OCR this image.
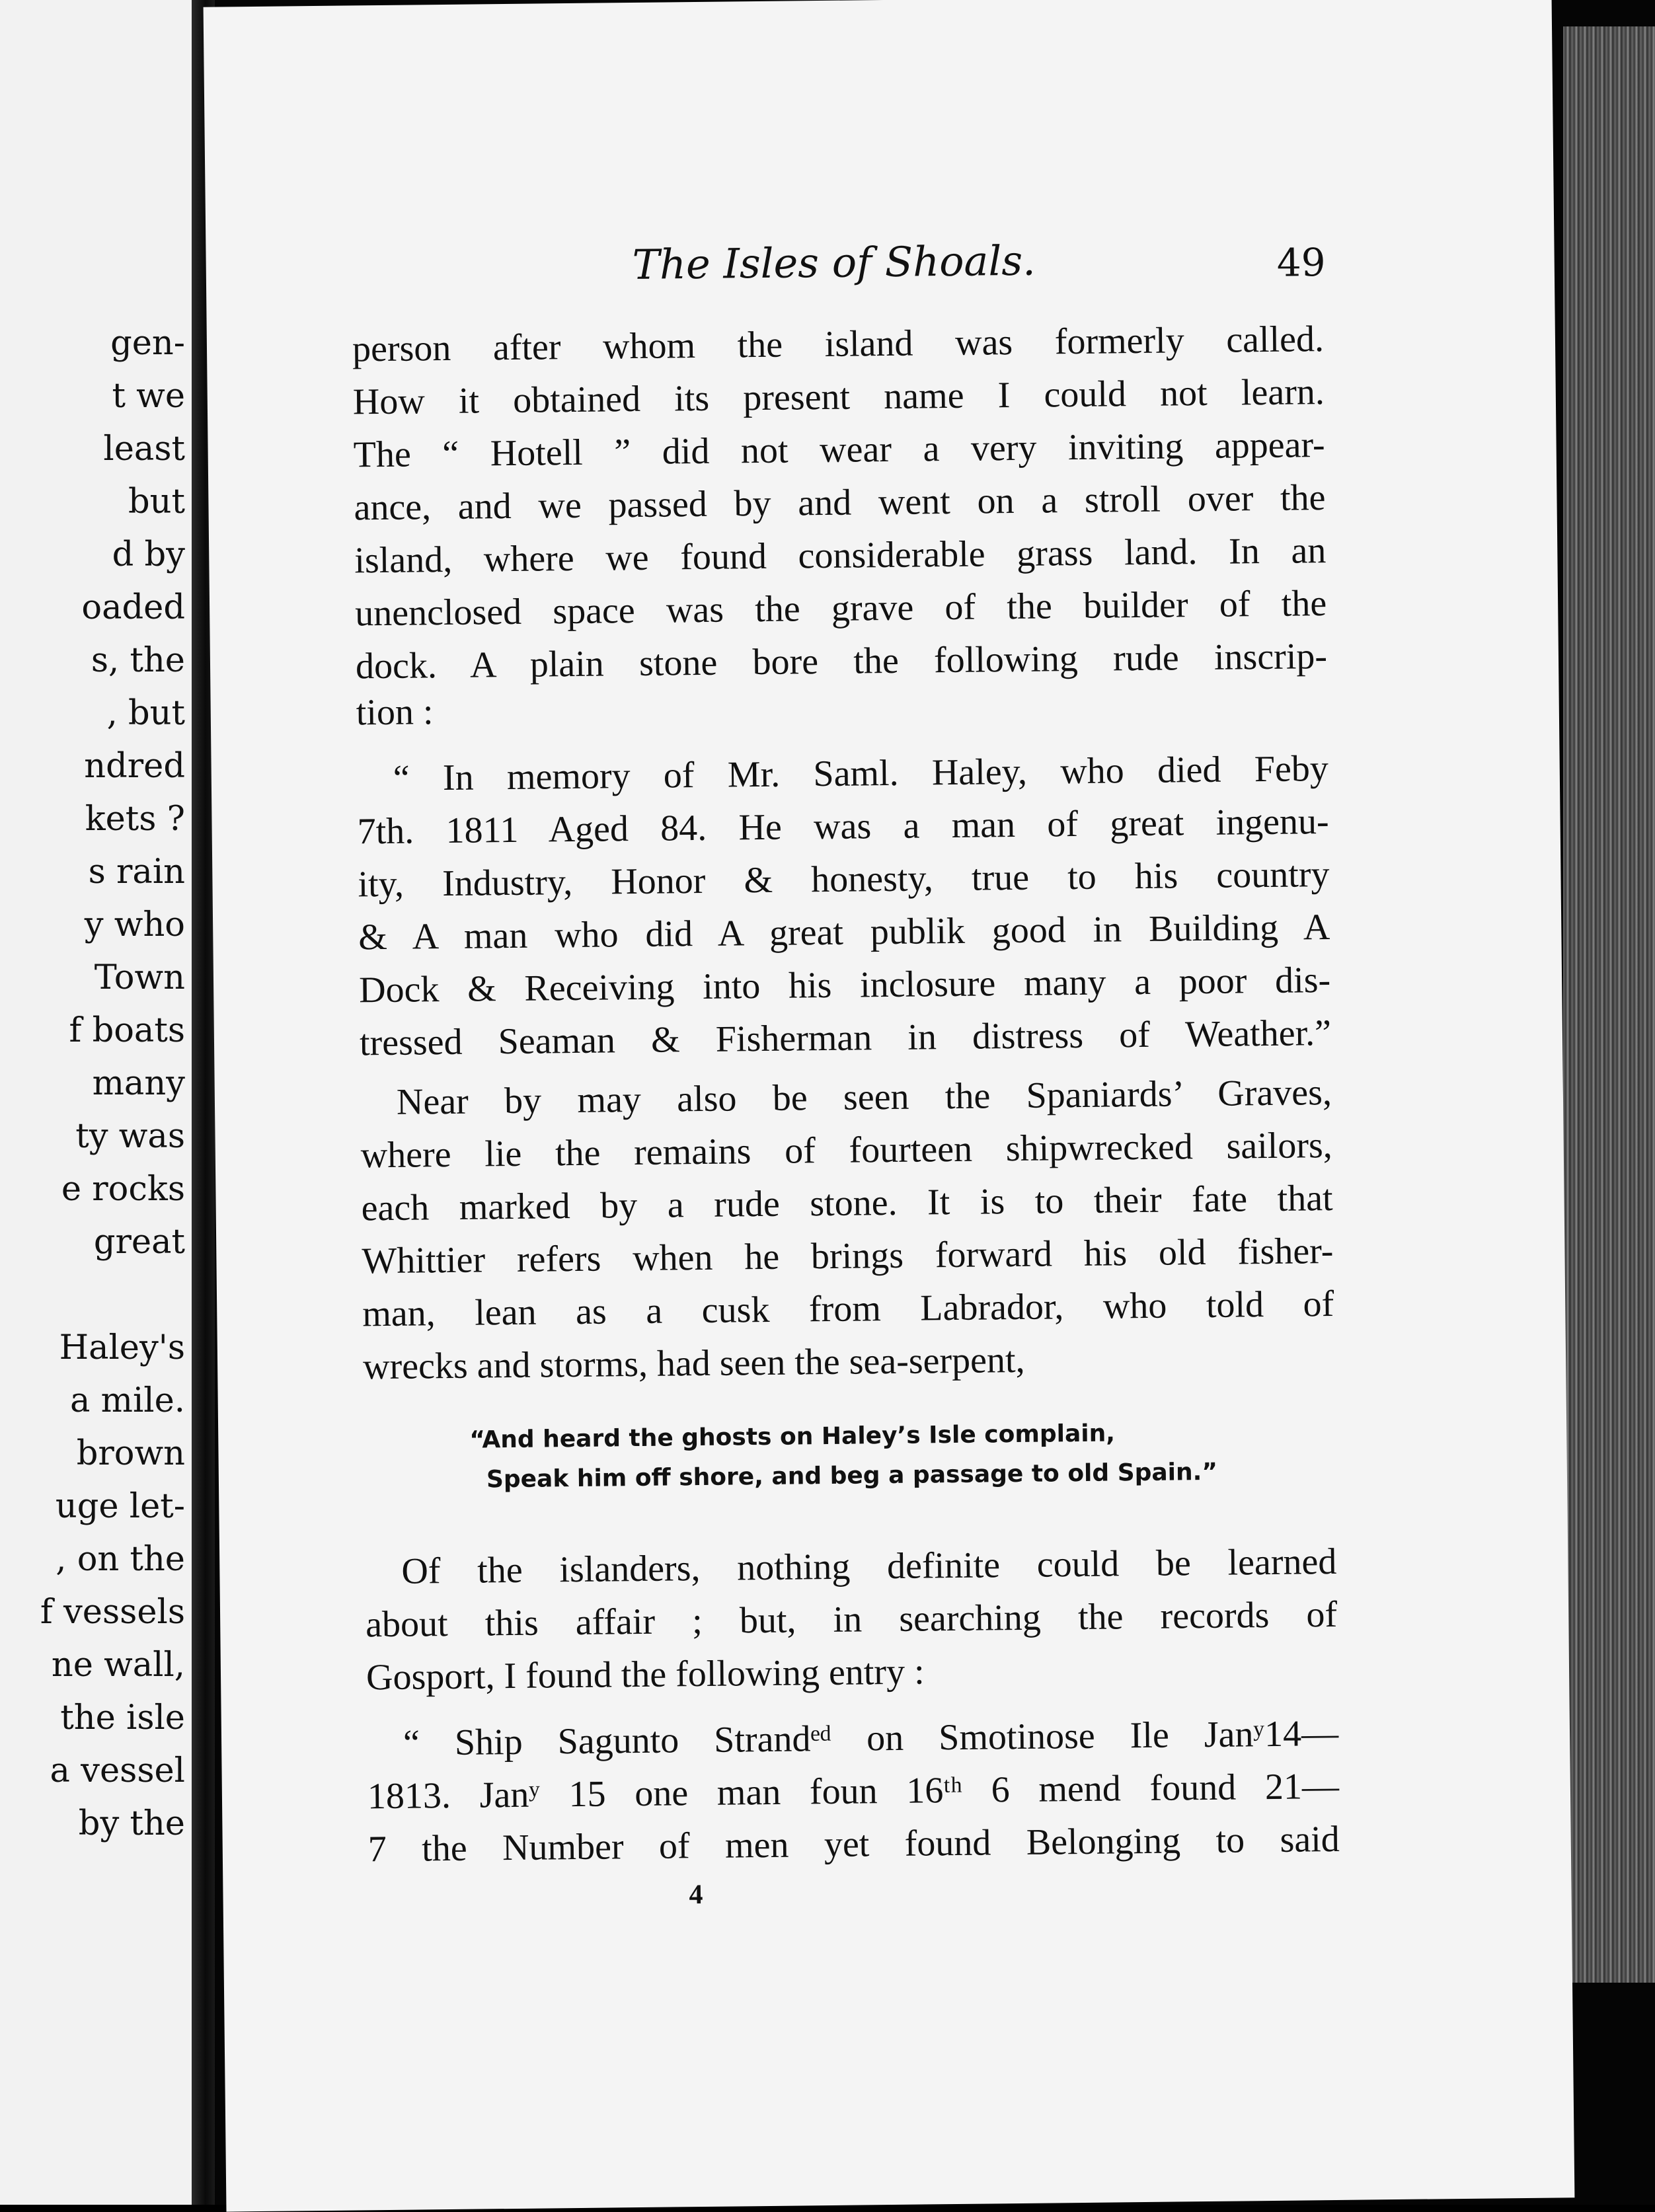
gen-
t we
least
but
d by
oaded
s, the
, but
ndred
kets ?
s rain
y who
Town
f boats
many
ty was
e rocks
great
Haley's
a mile.
brown
uge let-
, on the
f vessels
ne wall,
the isle
a vessel
by the
The Isles of Shoals.	49
person after whom the island was formerly called.
How it obtained its present name I could not learn.
The “ Hotell ” did not wear a very inviting appear-
ance, and we passed by and went on a stroll over the
island, where we found considerable grass land. In an
unenclosed space was the grave of the builder of the
dock. A plain stone bore the following rude inscrip-
tion :
“ In memory of Mr. Saml. Haley, who died Feby
7th. 1811 Aged 84. He was a man of great ingenu-
ity, Industry, Honor & honesty, true to his country
& A man who did A great publik good in Building A
Dock & Receiving into his inclosure many a poor dis-
tressed Seaman & Fisherman in distress of Weather.”
Near by may also be seen the Spaniards’ Graves,
where lie the remains of fourteen shipwrecked sailors,
each marked by a rude stone. It is to their fate that
Whittier refers when he brings forward his old fisher-
man, lean as a cusk from Labrador, who told of
wrecks and storms, had seen the sea-serpent,
“And heard the ghosts on Haley’s Isle complain,
Speak him off shore, and beg a passage to old Spain.”
Of the islanders, nothing definite could be learned
about this affair ; but, in searching the records of
Gosport, I found the following entry :
“ Ship Sagunto Strandᵉᵈ on Smotinose Ile Janʸ14—
1813. Janʸ 15 one man foun 16ᵗʰ 6 mend found 21—
7 the Number of men yet found Belonging to said
4
